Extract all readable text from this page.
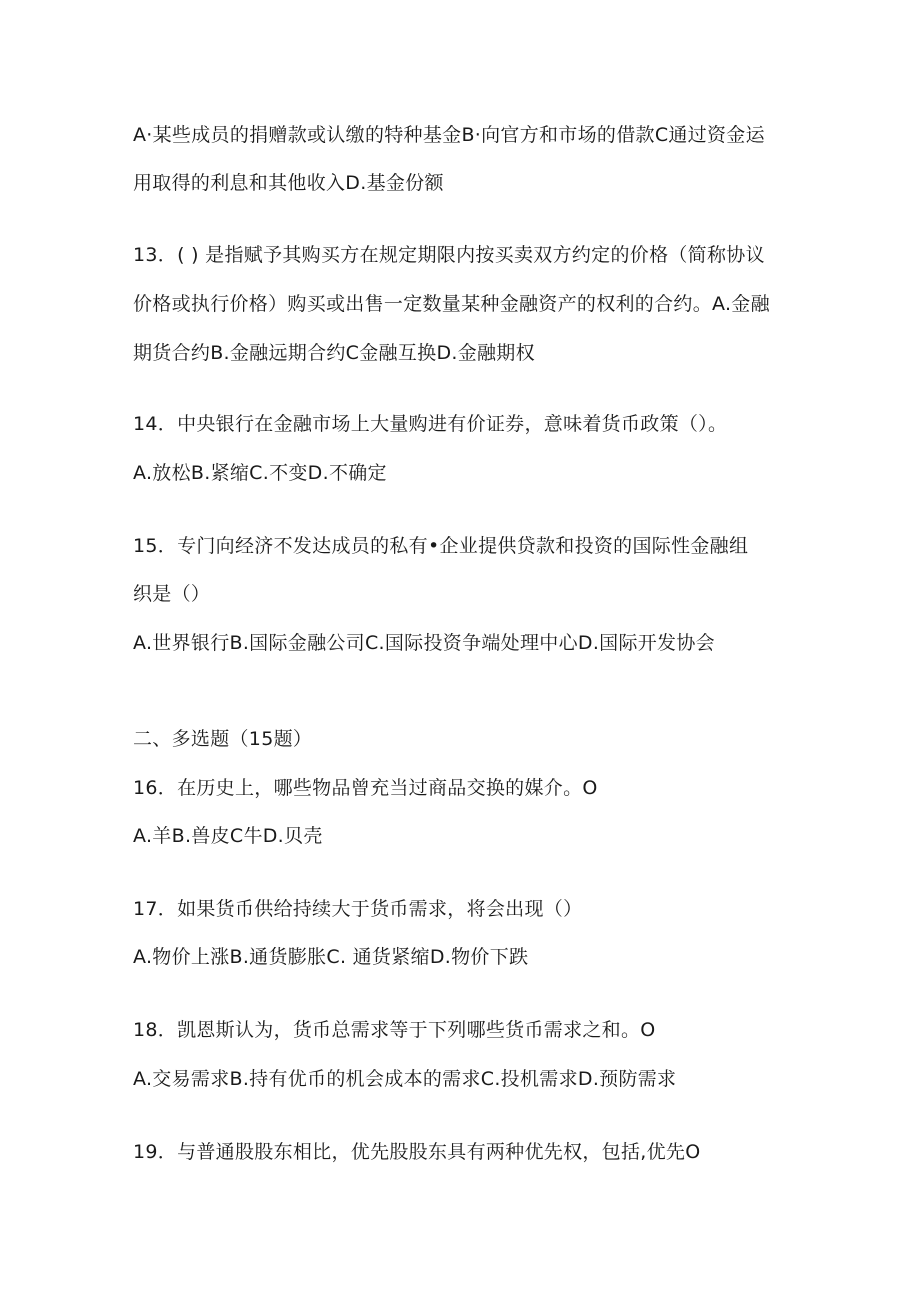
A·某些成员的捐赠款或认缴的特种基金B·向官方和市场的借款C通过资金运
用取得的利息和其他收入D.基金份额
13．( ) 是指赋予其购买方在规定期限内按买卖双方约定的价格（简称协议
价格或执行价格）购买或出售一定数量某种金融资产的权利的合约。A.金融
期货合约B.金融远期合约C金融互换D.金融期权
14．中央银行在金融市场上大量购进有价证券，意味着货币政策（）。
A.放松B.紧缩C.不变D.不确定
15．专门向经济不发达成员的私有•企业提供贷款和投资的国际性金融组
织是（）
A.世界银行B.国际金融公司C.国际投资争端处理中心D.国际开发协会
二、多选题（15题）
16．在历史上，哪些物品曾充当过商品交换的媒介。O
A.羊B.兽皮C牛D.贝壳
17．如果货币供给持续大于货币需求，将会出现（）
A.物价上涨B.通货膨胀C. 通货紧缩D.物价下跌
18．凯恩斯认为，货币总需求等于下列哪些货币需求之和。O
A.交易需求B.持有优币的机会成本的需求C.投机需求D.预防需求
19．与普通股股东相比，优先股股东具有两种优先权，包括,优先O
